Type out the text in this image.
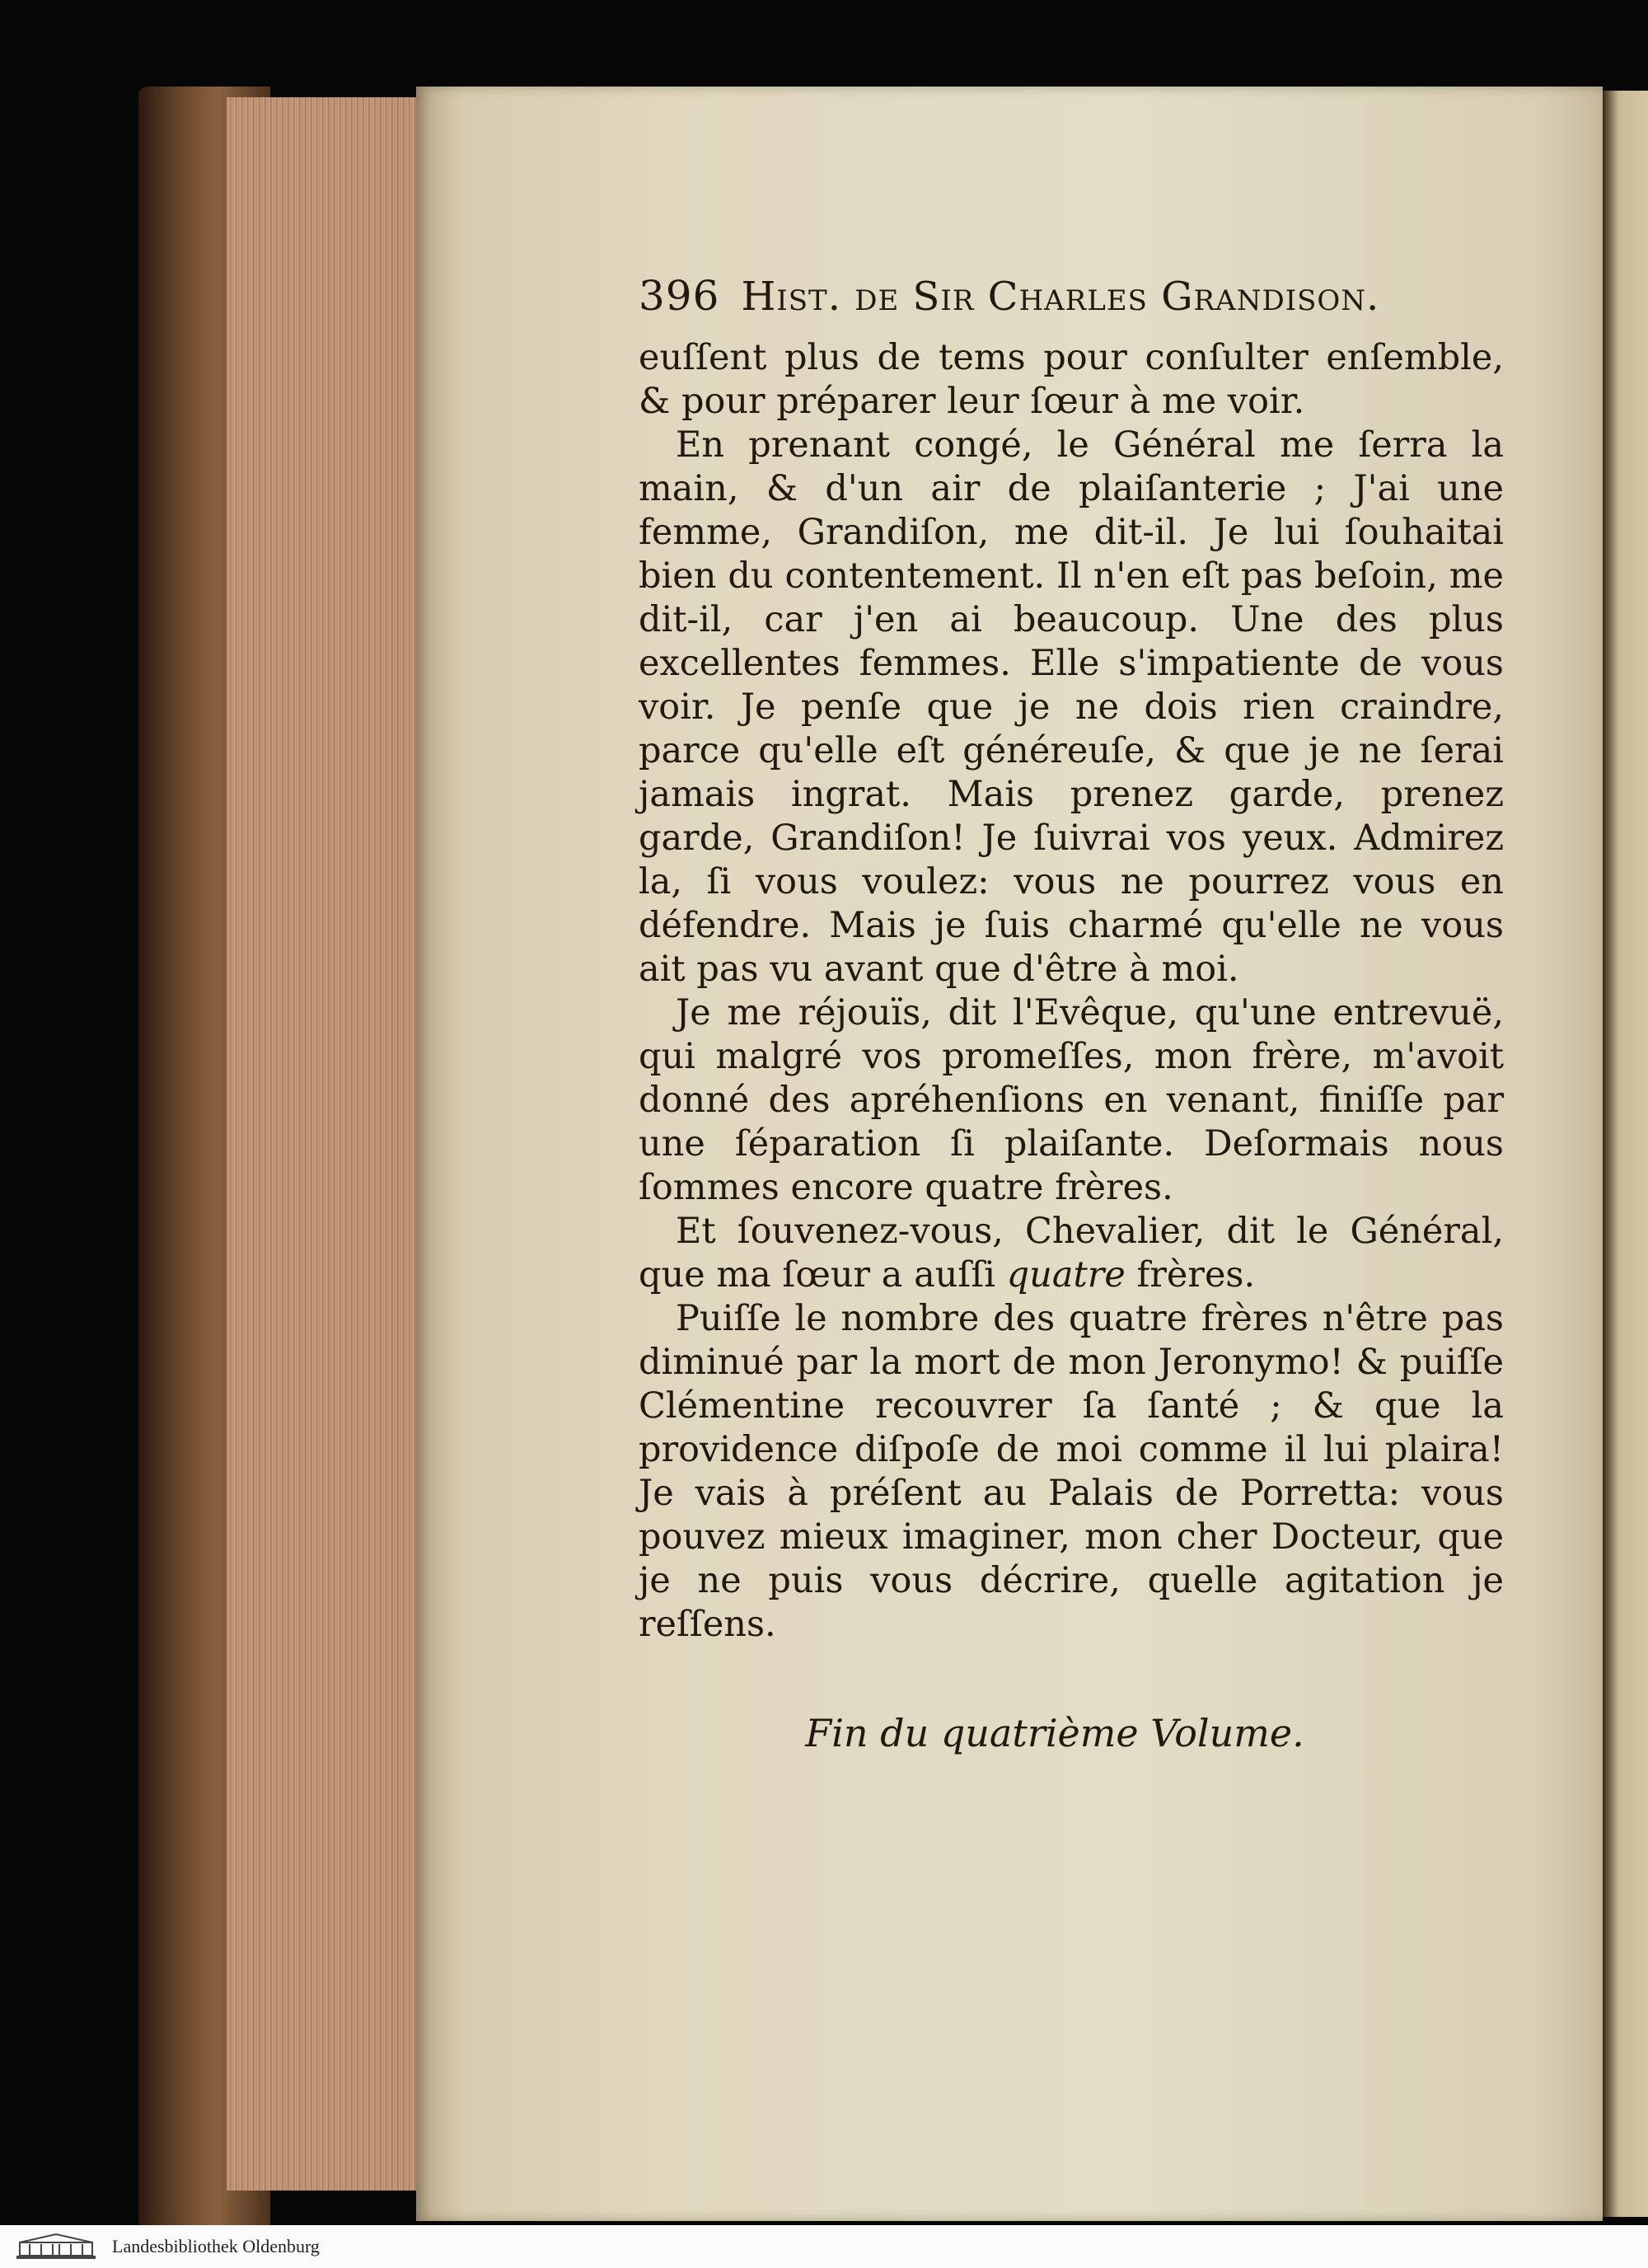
396 Hist. de Sir Charles Grandison.

euſſent plus de tems pour conſulter enſemble, & pour préparer leur ſœur à me voir.

En prenant congé, le Général me ſerra la main, & d'un air de plaiſanterie ; J'ai une femme, Grandiſon, me dit-il. Je lui ſouhaitai bien du contentement. Il n'en eſt pas beſoin, me dit-il, car j'en ai beaucoup. Une des plus excellentes femmes. Elle s'impatiente de vous voir. Je penſe que je ne dois rien craindre, parce qu'elle eſt généreuſe, & que je ne ſerai jamais ingrat. Mais prenez garde, prenez garde, Grandiſon! Je ſuivrai vos yeux. Admirez la, ſi vous voulez: vous ne pourrez vous en défendre. Mais je ſuis charmé qu'elle ne vous ait pas vu avant que d'être à moi.

Je me réjouïs, dit l'Evêque, qu'une entrevuë, qui malgré vos promeſſes, mon frère, m'avoit donné des apréhenſions en venant, finiſſe par une ſéparation ſi plaiſante. Deſormais nous ſommes encore quatre frères.

Et ſouvenez-vous, Chevalier, dit le Général, que ma ſœur a auſſi quatre frères.

Puiſſe le nombre des quatre frères n'être pas diminué par la mort de mon Jeronymo! & puiſſe Clémentine recouvrer ſa ſanté ; & que la providence diſpoſe de moi comme il lui plaira! Je vais à préſent au Palais de Porretta: vous pouvez mieux imaginer, mon cher Docteur, que je ne puis vous décrire, quelle agitation je reſſens.

Fin du quatrième Volume.
Landesbibliothek Oldenburg
